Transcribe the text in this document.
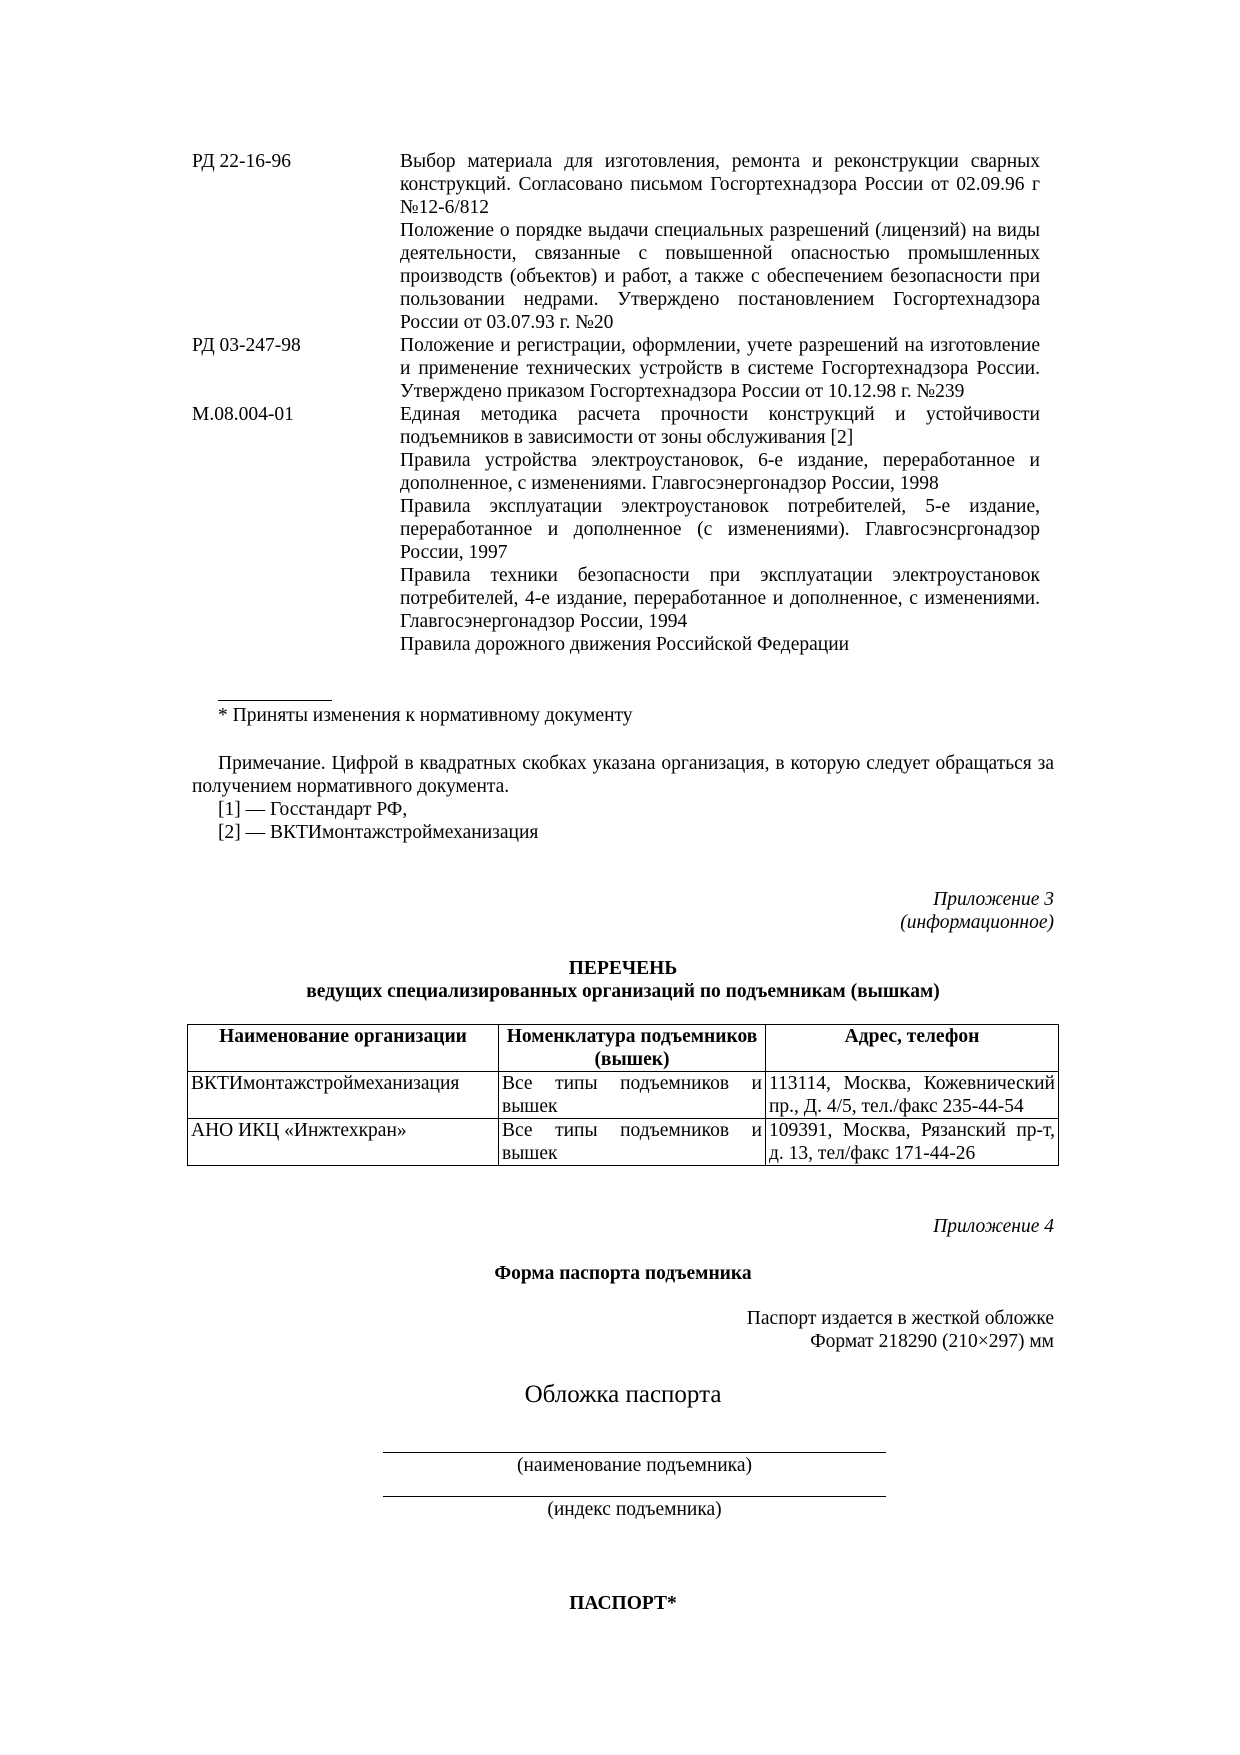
РД 22-16-96	Выбор материала для изготовления, ремонта и реконструкции сварных конструкций. Согласовано письмом Госгортехнадзора России от 02.09.96 г №12-6/812

Положение о порядке выдачи специальных разрешений (лицензий) на виды деятельности, связанные с повышенной опасностью промышленных производств (объектов) и работ, а также с обеспечением безопасности при пользовании недрами. Утверждено постановлением Госгортехнадзора России от 03.07.93 г. №20

РД 03-247-98	Положение и регистрации, оформлении, учете разрешений на изготовление и применение технических устройств в системе Госгортехнадзора России. Утверждено приказом Госгортехнадзора России от 10.12.98 г. №239

М.08.004-01	Единая методика расчета прочности конструкций и устойчивости подъемников в зависимости от зоны обслуживания [2]

Правила устройства электроустановок, 6-е издание, переработанное и дополненное, с изменениями. Главгосэнергонадзор России, 1998

Правила эксплуатации электроустановок потребителей, 5-е издание, переработанное и дополненное (с изменениями). Главгосэнсргонадзор России, 1997

Правила техники безопасности при эксплуатации электроустановок потребителей, 4-е издание, переработанное и дополненное, с изменениями. Главгосэнергонадзор России, 1994

Правила дорожного движения Российской Федерации

* Приняты изменения к нормативному документу

Примечание. Цифрой в квадратных скобках указана организация, в которую следует обращаться за получением нормативного документа.

[1] — Госстандарт РФ,

[2] — ВКТИмонтажстроймеханизация

Приложение 3
(информационное)
ПЕРЕЧЕНЬ
ведущих специализированных организаций по подъемникам (вышкам)
Наименование организации	Номенклатура подъемников (вышек)	Адрес, телефон
ВКТИмонтажстроймеханизация	Все типы подъемников и вышек	113114, Москва, Кожевнический пр., Д. 4/5, тел./факс 235-44-54
АНО ИКЦ «Инжтехкран»	Все типы подъемников и вышек	109391, Москва, Рязанский пр-т, д. 13, тел/факс 171-44-26
Приложение 4
Форма паспорта подъемника
Паспорт издается в жесткой обложке
Формат 218290 (210×297) мм
Обложка паспорта
(наименование подъемника)
(индекс подъемника)
ПАСПОРТ*
